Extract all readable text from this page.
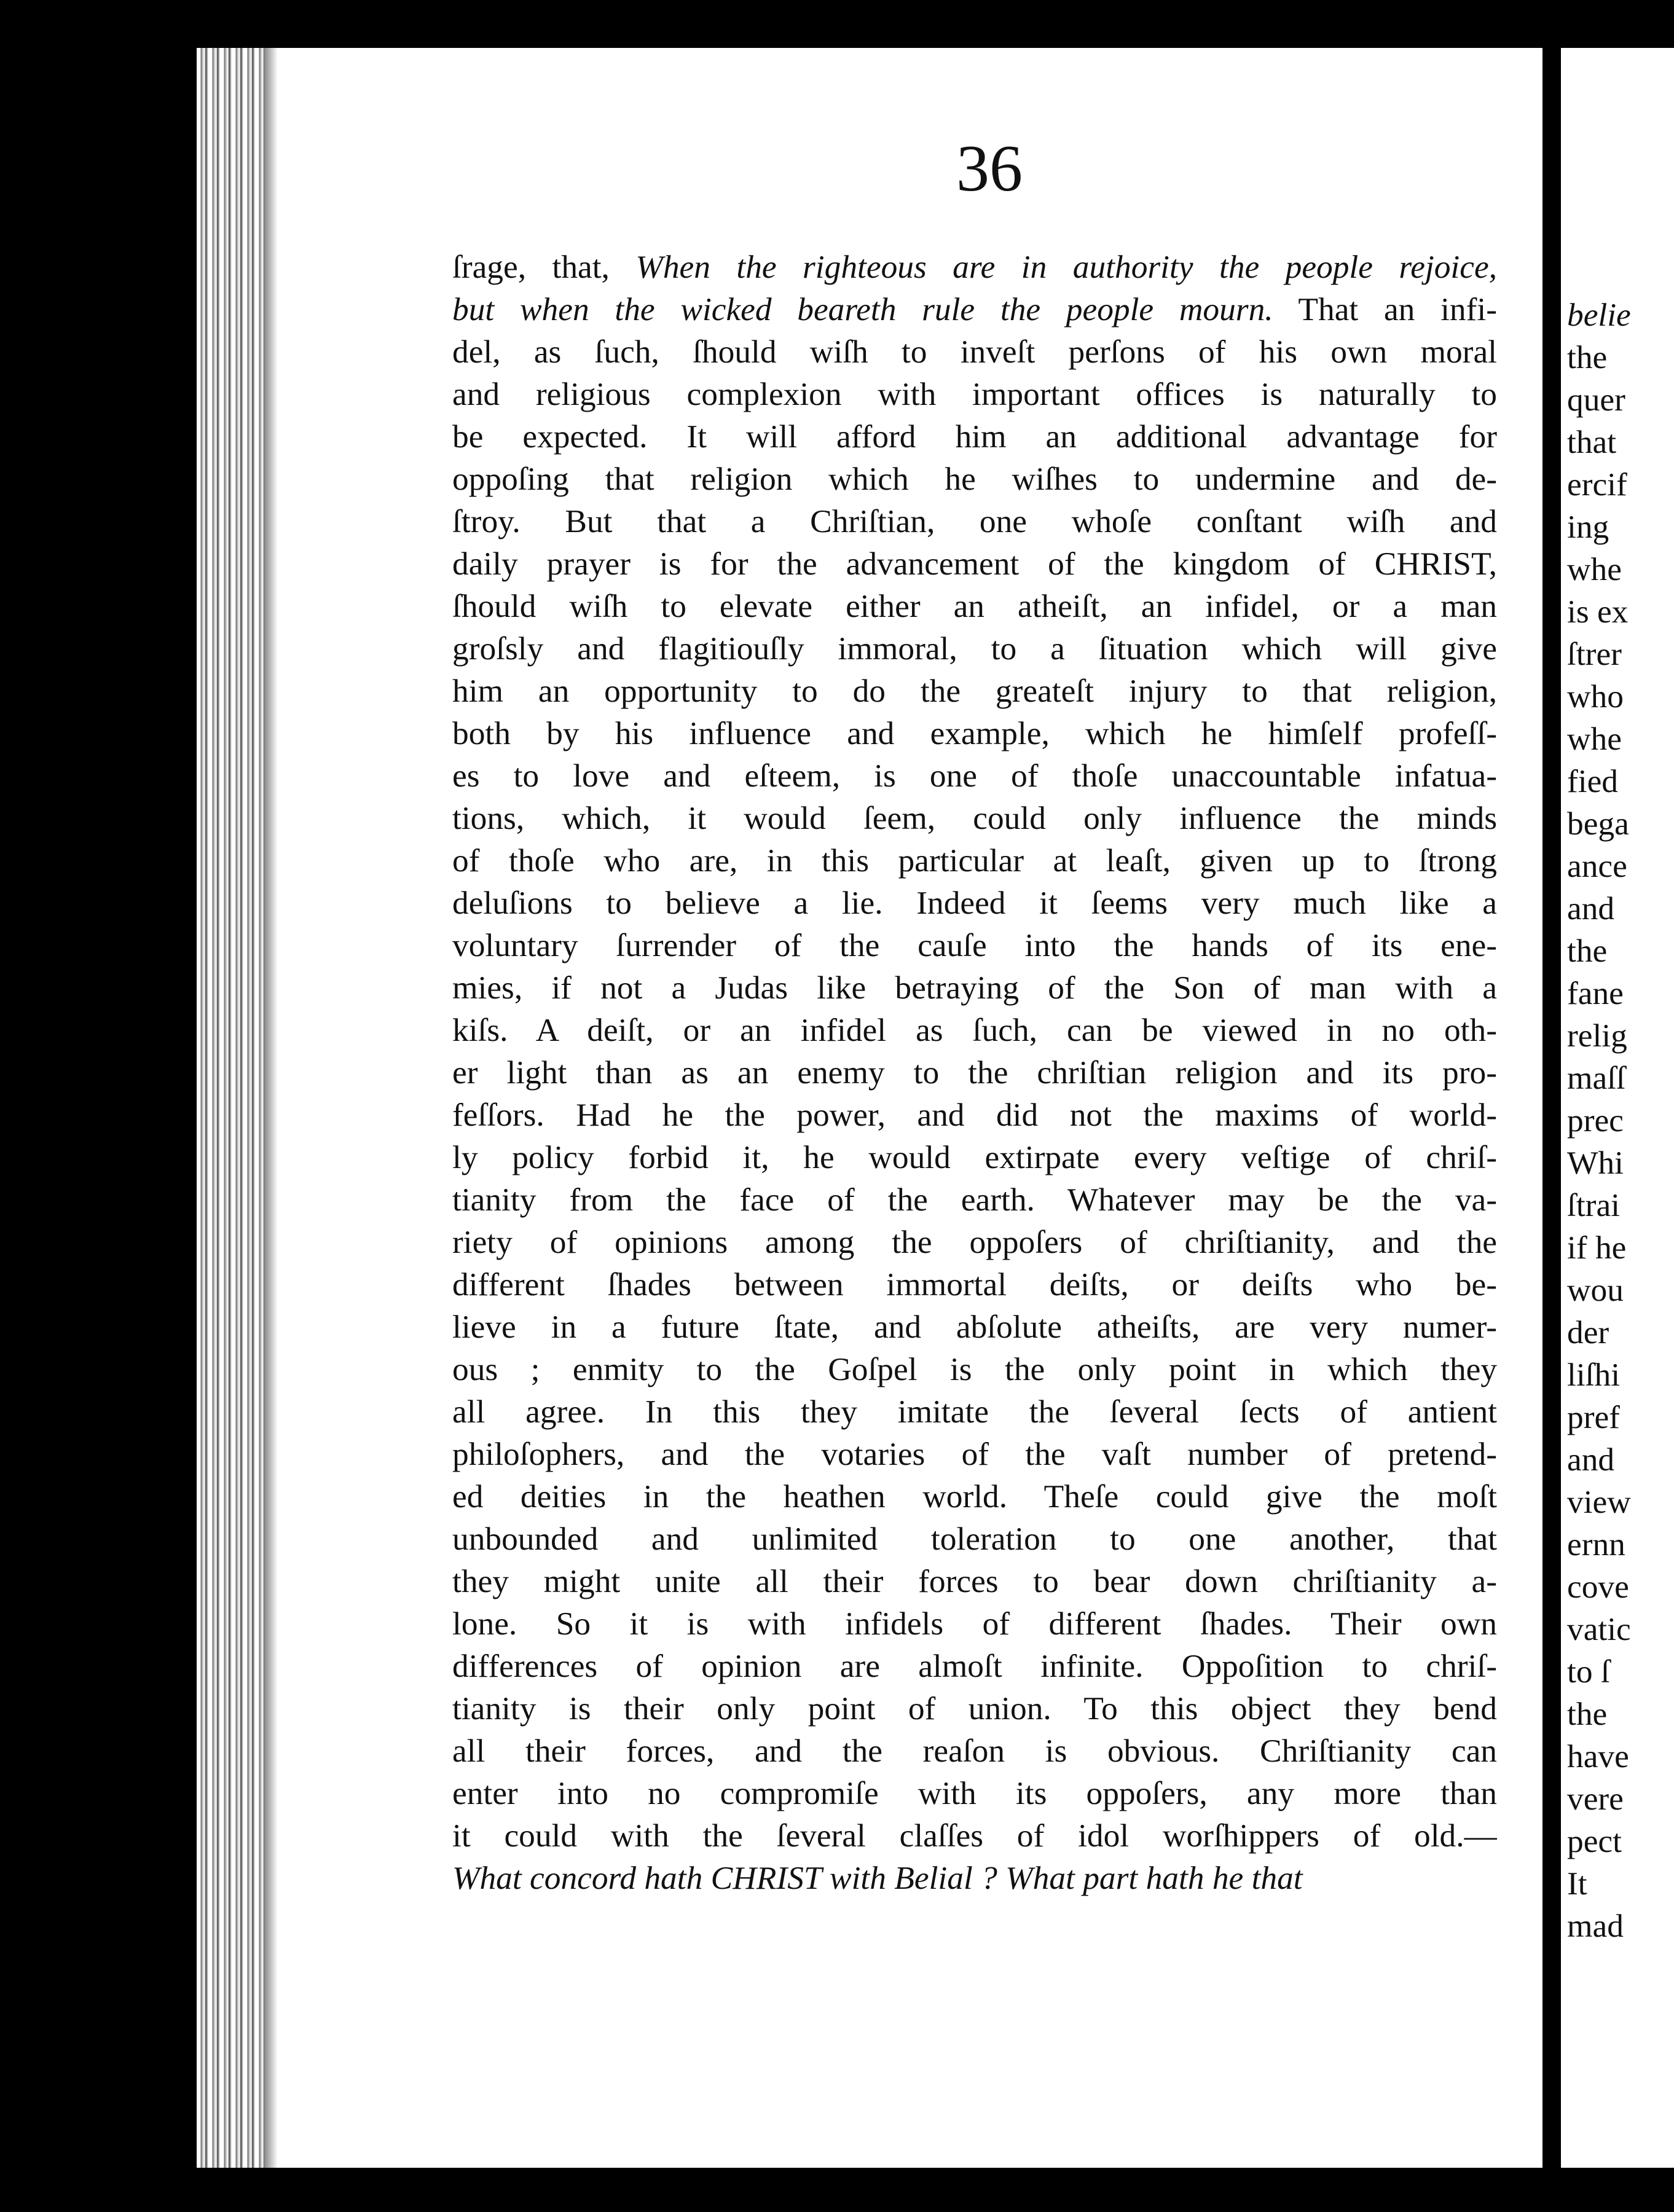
belie
the
quer
that
ercif
ing
whe
is ex
ſtrer
who
whe
fied
bega
ance
and
the
fane
relig
maſſ
prec
Whi
ſtrai
if he
wou
der
liſhi
pref
and
view
ernn
cove
vatic
to ſ
the
have
vere
pect
It
mad
36
ſrage, that, When the righteous are in authority the people rejoice,
but when the wicked beareth rule the people mourn. That an infi-
del, as ſuch, ſhould wiſh to inveſt perſons of his own moral
and religious complexion with important offices is naturally to
be expected. It will afford him an additional advantage for
oppoſing that religion which he wiſhes to undermine and de-
ſtroy. But that a Chriſtian, one whoſe conſtant wiſh and
daily prayer is for the advancement of the kingdom of CHRIST,
ſhould wiſh to elevate either an atheiſt, an infidel, or a man
groſsly and flagitiouſly immoral, to a ſituation which will give
him an opportunity to do the greateſt injury to that religion,
both by his influence and example, which he himſelf profeſſ-
es to love and eſteem, is one of thoſe unaccountable infatua-
tions, which, it would ſeem, could only influence the minds
of thoſe who are, in this particular at leaſt, given up to ſtrong
deluſions to believe a lie. Indeed it ſeems very much like a
voluntary ſurrender of the cauſe into the hands of its ene-
mies, if not a Judas like betraying of the Son of man with a
kiſs. A deiſt, or an infidel as ſuch, can be viewed in no oth-
er light than as an enemy to the chriſtian religion and its pro-
feſſors. Had he the power, and did not the maxims of world-
ly policy forbid it, he would extirpate every veſtige of chriſ-
tianity from the face of the earth. Whatever may be the va-
riety of opinions among the oppoſers of chriſtianity, and the
different ſhades between immortal deiſts, or deiſts who be-
lieve in a future ſtate, and abſolute atheiſts, are very numer-
ous ; enmity to the Goſpel is the only point in which they
all agree. In this they imitate the ſeveral ſects of antient
philoſophers, and the votaries of the vaſt number of pretend-
ed deities in the heathen world. Theſe could give the moſt
unbounded and unlimited toleration to one another, that
they might unite all their forces to bear down chriſtianity a-
lone. So it is with infidels of different ſhades. Their own
differences of opinion are almoſt infinite. Oppoſition to chriſ-
tianity is their only point of union. To this object they bend
all their forces, and the reaſon is obvious. Chriſtianity can
enter into no compromiſe with its oppoſers, any more than
it could with the ſeveral claſſes of idol worſhippers of old.—
What concord hath CHRIST with Belial ? What part hath he that
